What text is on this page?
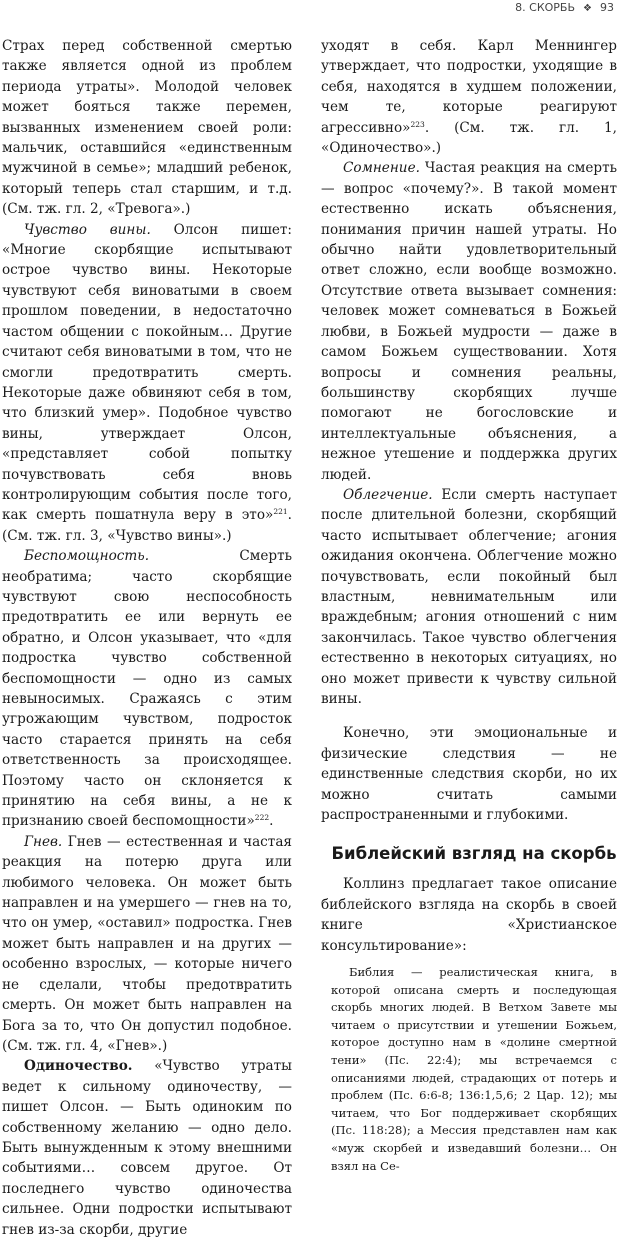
8. СКОРБЬ ❖ 93

Страх перед собственной смертью также является одной из проблем периода утраты». Молодой человек может бояться также перемен, вызванных изменением своей роли: мальчик, оставшийся «единственным мужчиной в семье»; младший ребенок, который теперь стал старшим, и т.д. (См. тж. гл. 2, «Тревога».)

Чувство вины. Олсон пишет: «Многие скорбящие испытывают острое чувство вины. Некоторые чувствуют себя виноватыми в своем прошлом поведении, в недостаточно частом общении с покойным… Другие считают себя виноватыми в том, что не смогли предотвратить смерть. Некоторые даже обвиняют себя в том, что близкий умер». Подобное чувство вины, утверждает Олсон, «представляет собой попытку почувствовать себя вновь контролирующим события после того, как смерть пошатнула веру в это»$^{221}$. (См. тж. гл. 3, «Чувство вины».)

Беспомощность. Смерть необратима; часто скорбящие чувствуют свою неспособность предотвратить ее или вернуть ее обратно, и Олсон указывает, что «для подростка чувство собственной беспомощности — одно из самых невыносимых. Сражаясь с этим угрожающим чувством, подросток часто старается принять на себя ответственность за происходящее. Поэтому часто он склоняется к принятию на себя вины, а не к признанию своей беспомощности»$^{222}$.

Гнев. Гнев — естественная и частая реакция на потерю друга или любимого человека. Он может быть направлен и на умершего — гнев на то, что он умер, «оставил» подростка. Гнев может быть направлен и на других — особенно взрослых, — которые ничего не сделали, чтобы предотвратить смерть. Он может быть направлен на Бога за то, что Он допустил подобное. (См. тж. гл. 4, «Гнев».)

Одиночество. «Чувство утраты ведет к сильному одиночеству, — пишет Олсон. — Быть одиноким по собственному желанию — одно дело. Быть вынужденным к этому внешними событиями… совсем другое. От последнего чувство одиночества сильнее. Одни подростки испытывают гнев из-за скорби, другие

уходят в себя. Карл Меннингер утверждает, что подростки, уходящие в себя, находятся в худшем положении, чем те, которые реагируют агрессивно»$^{223}$. (См. тж. гл. 1, «Одиночество».)

Сомнение. Частая реакция на смерть — вопрос «почему?». В такой момент естественно искать объяснения, понимания причин нашей утраты. Но обычно найти удовлетворительный ответ сложно, если вообще возможно. Отсутствие ответа вызывает сомнения: человек может сомневаться в Божьей любви, в Божьей мудрости — даже в самом Божьем существовании. Хотя вопросы и сомнения реальны, большинству скорбящих лучше помогают не богословские и интеллектуальные объяснения, а нежное утешение и поддержка других людей.

Облегчение. Если смерть наступает после длительной болезни, скорбящий часто испытывает облегчение; агония ожидания окончена. Облегчение можно почувствовать, если покойный был властным, невнимательным или враждебным; агония отношений с ним закончилась. Такое чувство облегчения естественно в некоторых ситуациях, но оно может привести к чувству сильной вины.

Конечно, эти эмоциональные и физические следствия — не единственные следствия скорби, но их можно считать самыми распространенными и глубокими.

Библейский взгляд на скорбь

Коллинз предлагает такое описание библейского взгляда на скорбь в своей книге «Христианское консультирование»:

Библия — реалистическая книга, в которой описана смерть и последующая скорбь многих людей. В Ветхом Завете мы читаем о присутствии и утешении Божьем, которое доступно нам в «долине смертной тени» (Пс. 22:4); мы встречаемся с описаниями людей, страдающих от потерь и проблем (Пс. 6:6-8; 136:1,5,6; 2 Цар. 12); мы читаем, что Бог поддерживает скорбящих (Пс. 118:28); а Мессия представлен нам как «муж скорбей и изведавший болезни… Он взял на Се-
